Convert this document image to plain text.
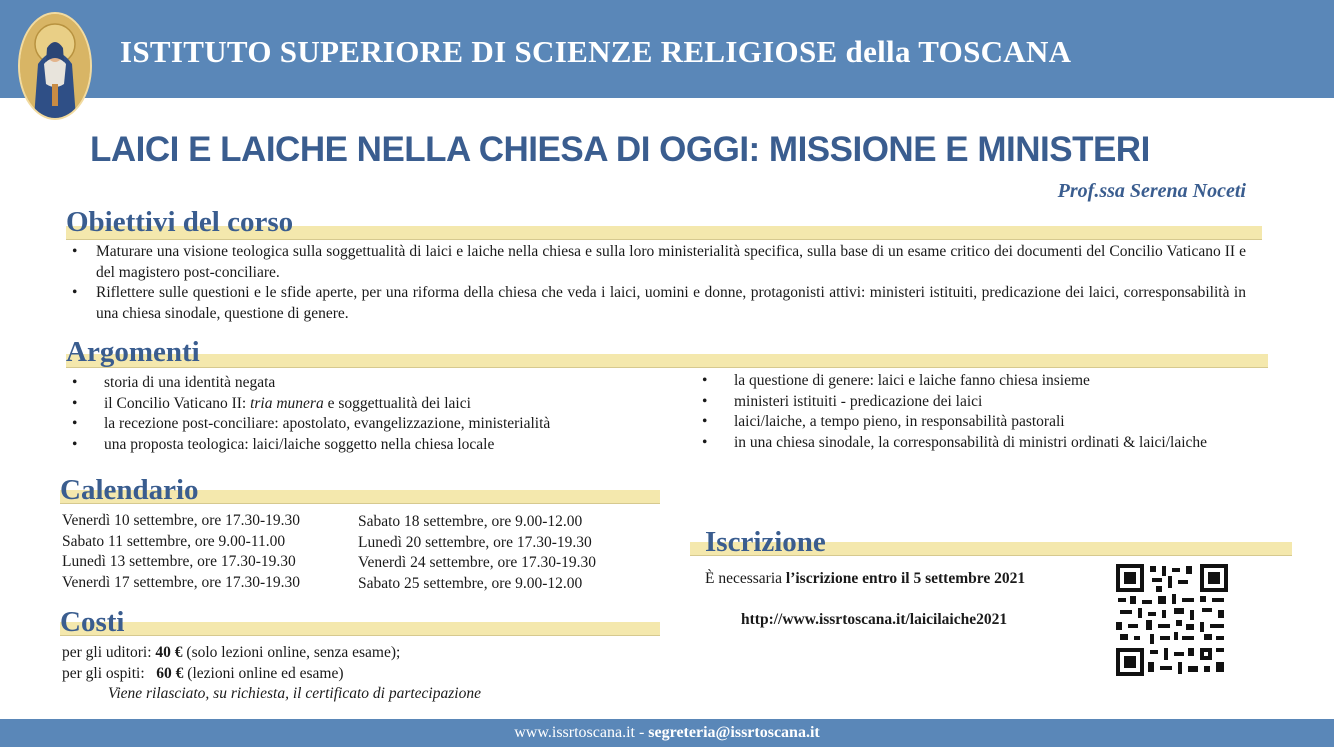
ISTITUTO SUPERIORE DI SCIENZE RELIGIOSE della TOSCANA
LAICI E LAICHE NELLA CHIESA DI OGGI: MISSIONE E MINISTERI
Prof.ssa Serena Noceti
Obiettivi del corso
• Maturare una visione teologica sulla soggettualità di laici e laiche nella chiesa e sulla loro ministerialità specifica, sulla base di un esame critico dei documenti del Concilio Vaticano II e del magistero post-conciliare.
• Riflettere sulle questioni e le sfide aperte, per una riforma della chiesa che veda i laici, uomini e donne, protagonisti attivi: ministeri istituiti, predicazione dei laici, corresponsabilità in una chiesa sinodale, questione di genere.
Argomenti
• storia di una identità negata
• il Concilio Vaticano II: tria munera e soggettualità dei laici
• la recezione post-conciliare: apostolato, evangelizzazione, ministerialità
• una proposta teologica: laici/laiche soggetto nella chiesa locale
• la questione di genere: laici e laiche fanno chiesa insieme
• ministeri istituiti - predicazione dei laici
• laici/laiche, a tempo pieno, in responsabilità pastorali
• in una chiesa sinodale, la corresponsabilità di ministri ordinati & laici/laiche
Calendario
Venerdì 10 settembre, ore 17.30-19.30
Sabato 11 settembre, ore 9.00-11.00
Lunedì 13 settembre, ore 17.30-19.30
Venerdì 17 settembre, ore 17.30-19.30
Sabato 18 settembre, ore 9.00-12.00
Lunedì 20 settembre, ore 17.30-19.30
Venerdì 24 settembre, ore 17.30-19.30
Sabato 25 settembre, ore 9.00-12.00
Costi
per gli uditori: 40 € (solo lezioni online, senza esame);
per gli ospiti:   60 € (lezioni online ed esame)
Viene rilasciato, su richiesta, il certificato di partecipazione
Iscrizione
È necessaria l’iscrizione entro il 5 settembre 2021
http://www.issrtoscana.it/laicilaiche2021
www.issrtoscana.it - segreteria@issrtoscana.it
